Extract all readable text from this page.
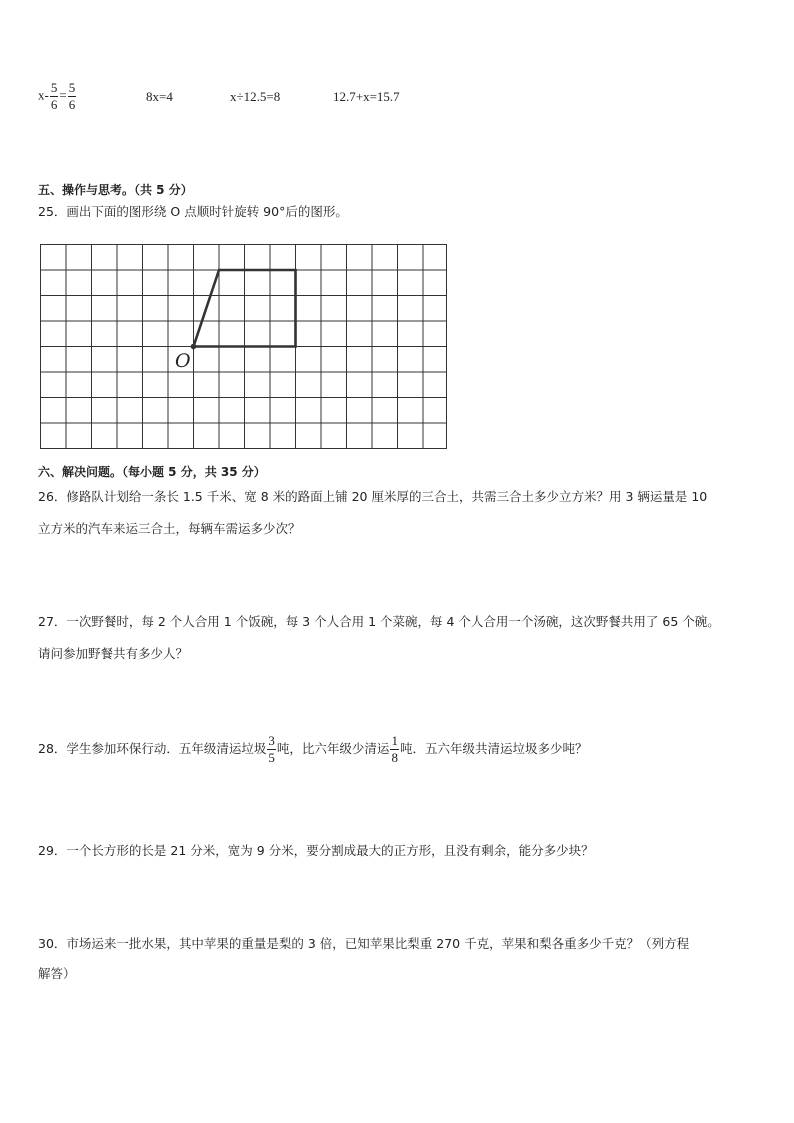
$x- \frac{5}{6} = \frac{5}{6}$	8x=4	x÷12.5=8	12.7+x=15.7
五、操作与思考。（共 5 分）
25．画出下面的图形绕 O 点顺时针旋转 90°后的图形。
O
六、解决问题。（每小题 5 分，共 35 分）
26．修路队计划给一条长 1.5 千米、宽 8 米的路面上铺 20 厘米厚的三合土，共需三合土多少立方米？用 3 辆运量是 10
立方米的汽车来运三合土，每辆车需运多少次？
27．一次野餐时，每 2 个人合用 1 个饭碗，每 3 个人合用 1 个菜碗，每 4 个人合用一个汤碗，这次野餐共用了 65 个碗。
请问参加野餐共有多少人？
28．学生参加环保行动．五年级清运垃圾 $\frac{3}{5}$ 吨，比六年级少清运 $\frac{1}{8}$ 吨．五六年级共清运垃圾多少吨？
29．一个长方形的长是 21 分米，宽为 9 分米，要分割成最大的正方形，且没有剩余，能分多少块？
30．市场运来一批水果，其中苹果的重量是梨的 3 倍，已知苹果比梨重 270 千克，苹果和梨各重多少千克？（列方程
解答）
